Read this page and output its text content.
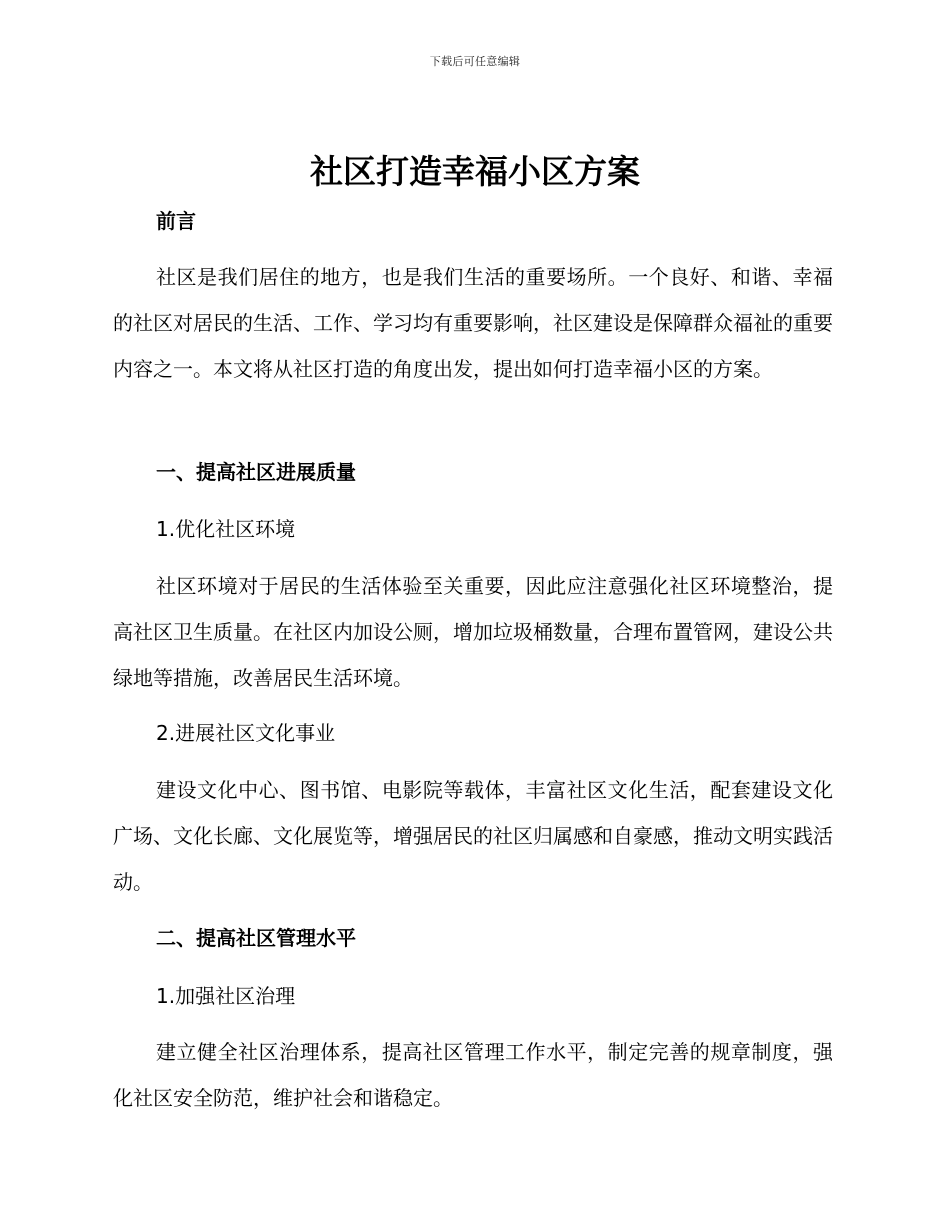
下载后可任意编辑
社区打造幸福小区方案
前言
社区是我们居住的地方，也是我们生活的重要场所。一个良好、和谐、幸福的社区对居民的生活、工作、学习均有重要影响，社区建设是保障群众福祉的重要内容之一。本文将从社区打造的角度出发，提出如何打造幸福小区的方案。
一、提高社区进展质量
1.优化社区环境
社区环境对于居民的生活体验至关重要，因此应注意强化社区环境整治，提高社区卫生质量。在社区内加设公厕，增加垃圾桶数量，合理布置管网，建设公共绿地等措施，改善居民生活环境。
2.进展社区文化事业
建设文化中心、图书馆、电影院等载体，丰富社区文化生活，配套建设文化广场、文化长廊、文化展览等，增强居民的社区归属感和自豪感，推动文明实践活动。
二、提高社区管理水平
1.加强社区治理
建立健全社区治理体系，提高社区管理工作水平，制定完善的规章制度，强化社区安全防范，维护社会和谐稳定。
